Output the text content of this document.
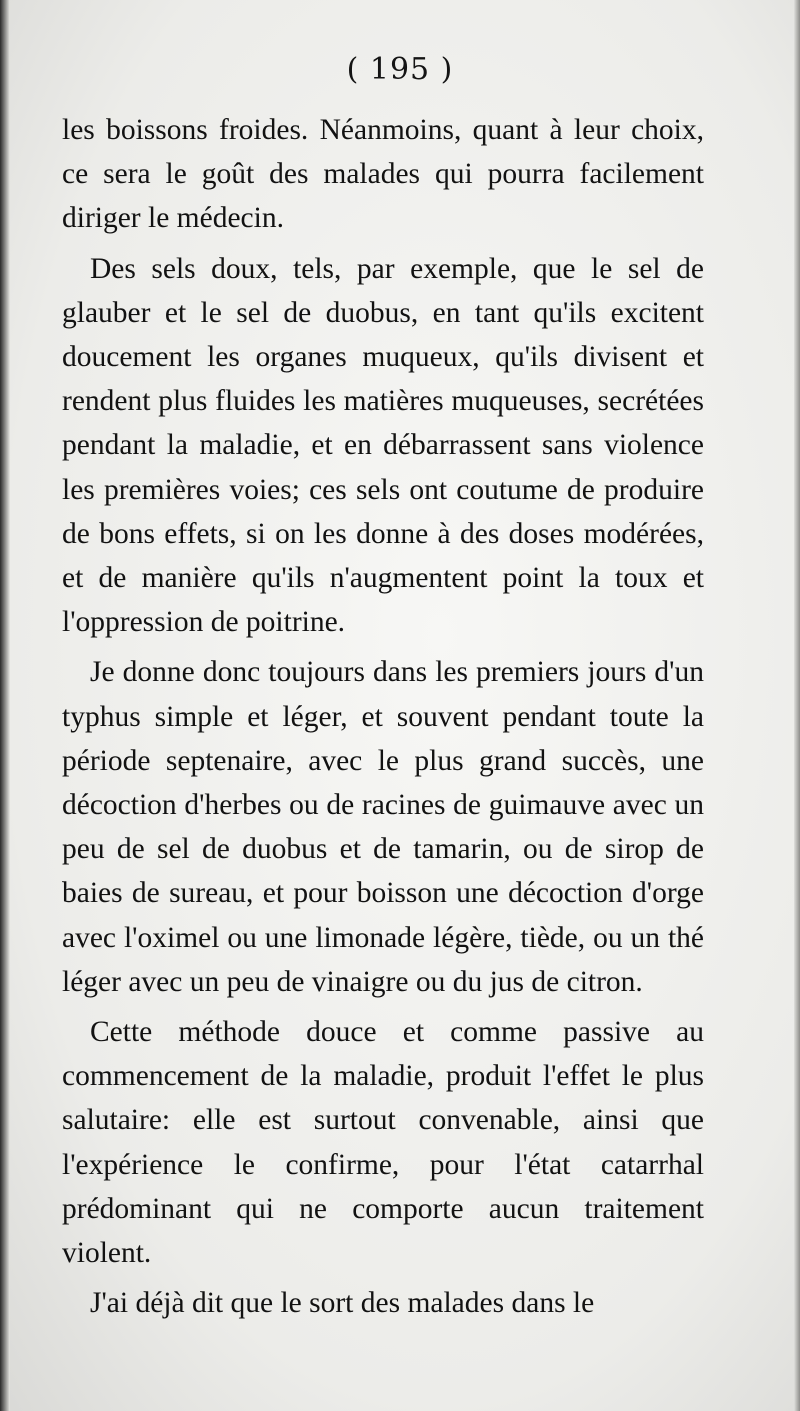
( 195 )

les boissons froides. Néanmoins, quant à leur choix, ce sera le goût des malades qui pourra facilement diriger le médecin.

Des sels doux, tels, par exemple, que le sel de glauber et le sel de duobus, en tant qu'ils excitent doucement les organes muqueux, qu'ils divisent et rendent plus fluides les matières muqueuses, secrétées pendant la maladie, et en débarrassent sans violence les premières voies; ces sels ont coutume de produire de bons effets, si on les donne à des doses modérées, et de manière qu'ils n'augmentent point la toux et l'oppression de poitrine.

Je donne donc toujours dans les premiers jours d'un typhus simple et léger, et souvent pendant toute la période septenaire, avec le plus grand succès, une décoction d'herbes ou de racines de guimauve avec un peu de sel de duobus et de tamarin, ou de sirop de baies de sureau, et pour boisson une décoction d'orge avec l'oximel ou une limonade légère, tiède, ou un thé léger avec un peu de vinaigre ou du jus de citron.

Cette méthode douce et comme passive au commencement de la maladie, produit l'effet le plus salutaire: elle est surtout convenable, ainsi que l'expérience le confirme, pour l'état catarrhal prédominant qui ne comporte aucun traitement violent.

J'ai déjà dit que le sort des malades dans le
